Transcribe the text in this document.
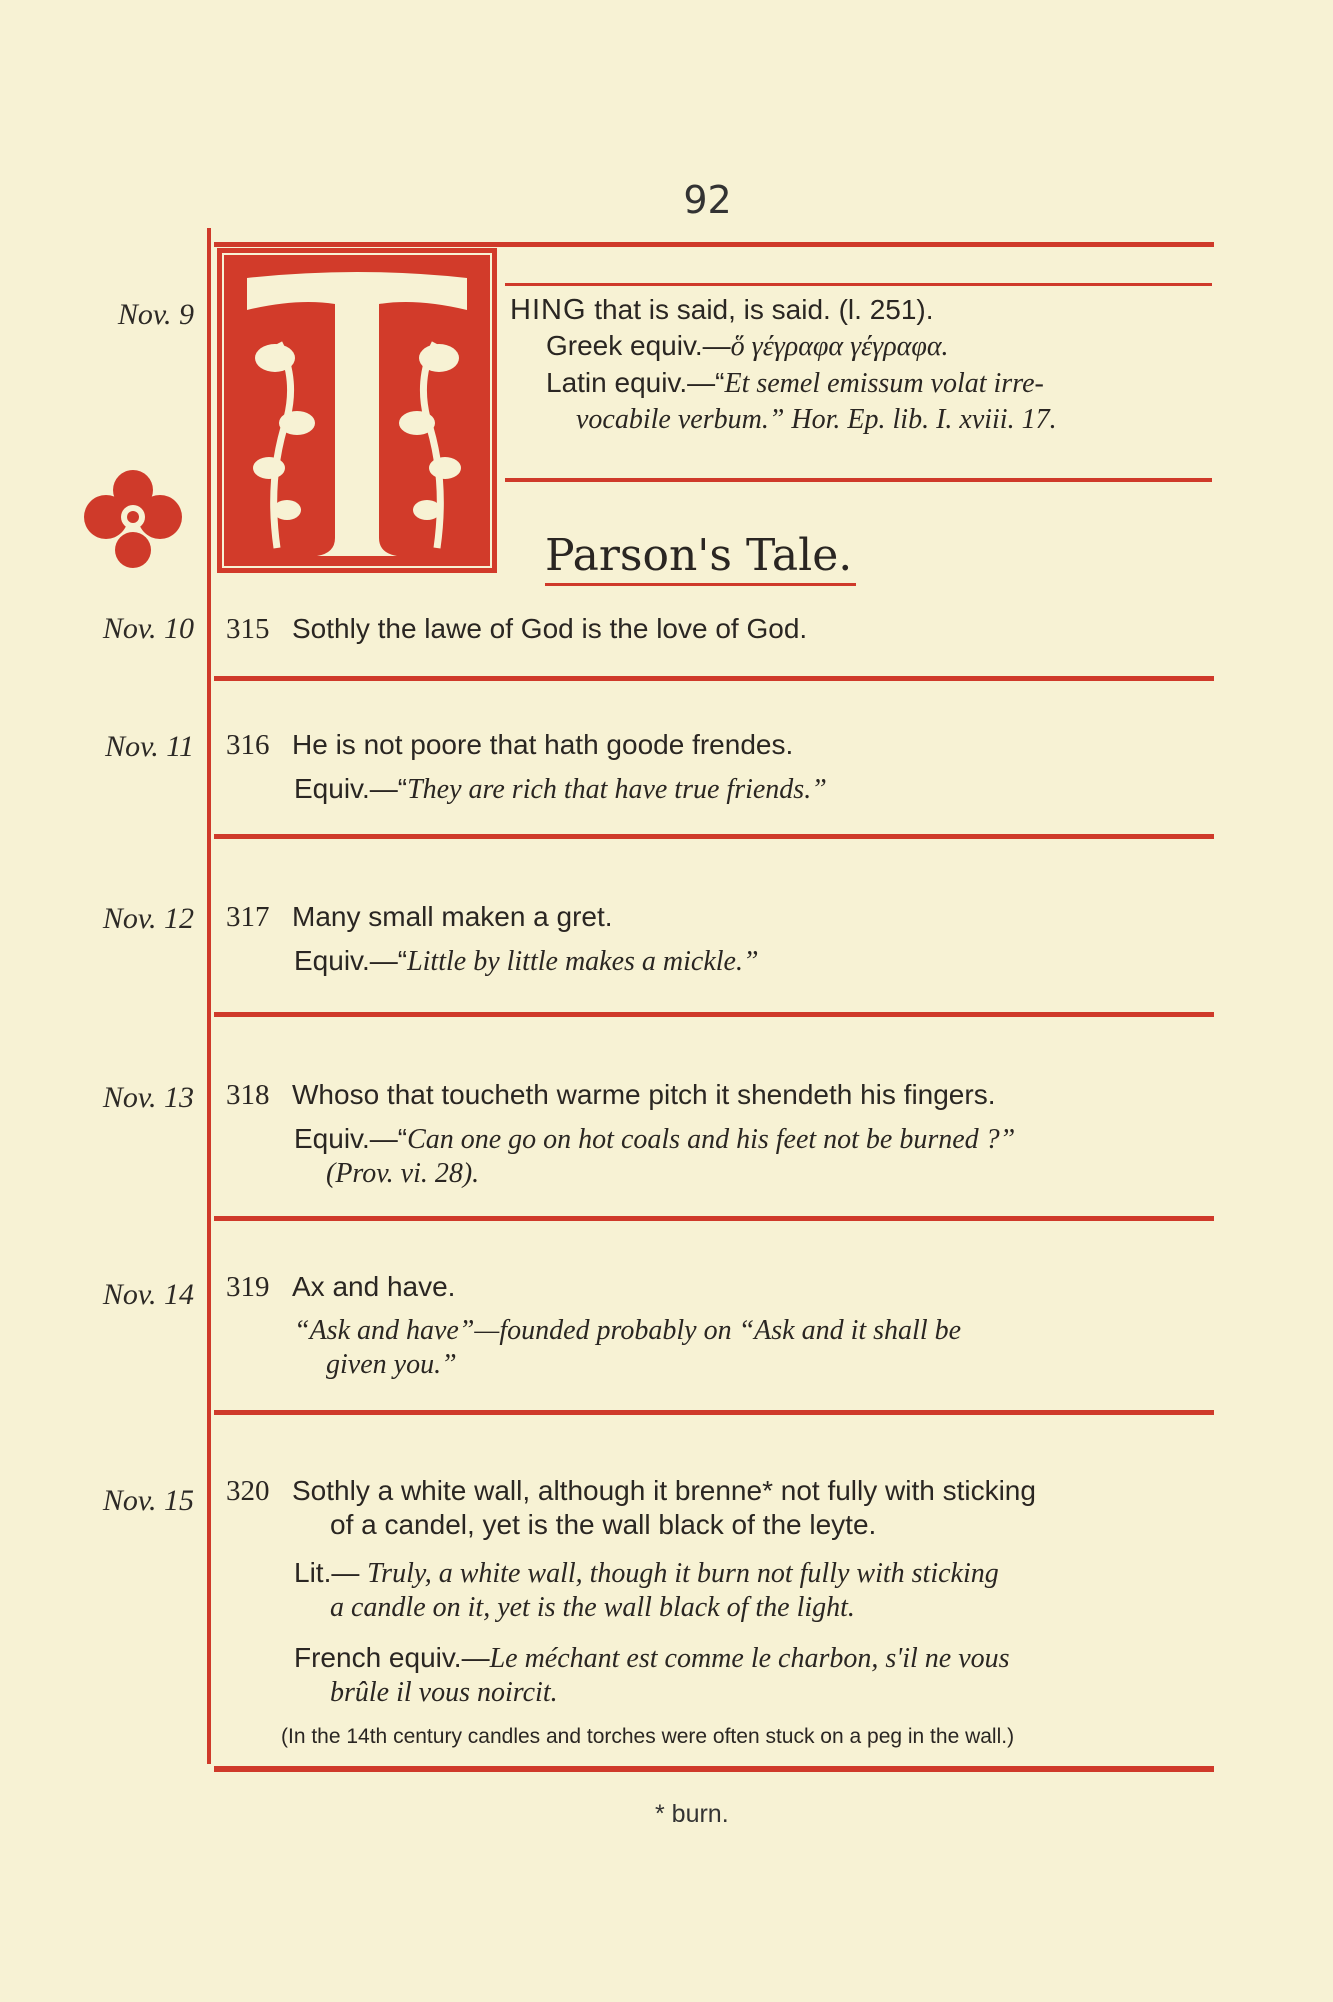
92
Nov. 9	HING that is said, is said. (l. 251).
Greek equiv.—ὅ γέγραφα γέγραφα.
Latin equiv.—“Et semel emissum volat irre-
vocabile verbum.” Hor. Ep. lib. I. xviii. 17.
Parson's Tale.
Nov. 10 315 Sothly the lawe of God is the love of God.
Nov. 11 316 He is not poore that hath goode frendes.
Equiv.—“They are rich that have true friends.”
Nov. 12 317 Many small maken a gret.
Equiv.—“Little by little makes a mickle.”
Nov. 13 318 Whoso that toucheth warme pitch it shendeth his fingers.
Equiv.—“Can one go on hot coals and his feet not be burned ?”
(Prov. vi. 28).
Nov. 14 319 Ax and have.
“Ask and have”—founded probably on “Ask and it shall be
given you.”
Nov. 15 320 Sothly a white wall, although it brenne* not fully with sticking
of a candel, yet is the wall black of the leyte.
Lit.— Truly, a white wall, though it burn not fully with sticking
a candle on it, yet is the wall black of the light.
French equiv.—Le méchant est comme le charbon, s'il ne vous
brûle il vous noircit.
(In the 14th century candles and torches were often stuck on a peg in the wall.)
* burn.
